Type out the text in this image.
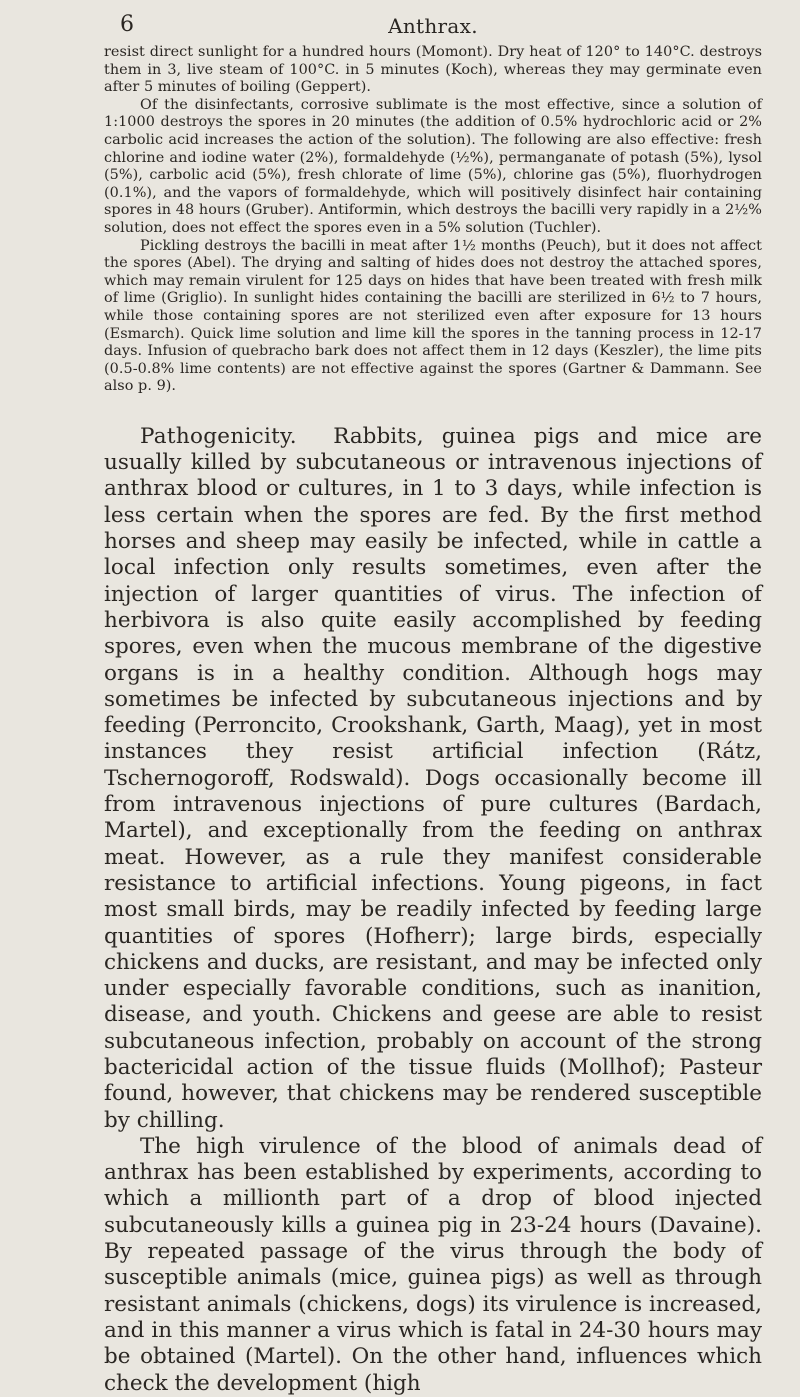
6	Anthrax.

resist direct sunlight for a hundred hours (Momont). Dry heat of 120° to 140°C. destroys them in 3, live steam of 100°C. in 5 minutes (Koch), whereas they may germinate even after 5 minutes of boiling (Geppert).

Of the disinfectants, corrosive sublimate is the most effective, since a solution of 1:1000 destroys the spores in 20 minutes (the addition of 0.5% hydrochloric acid or 2% carbolic acid increases the action of the solution). The following are also effective: fresh chlorine and iodine water (2%), formaldehyde (½%), permanganate of potash (5%), lysol (5%), carbolic acid (5%), fresh chlorate of lime (5%), chlorine gas (5%), fluorhydrogen (0.1%), and the vapors of formaldehyde, which will positively disinfect hair containing spores in 48 hours (Gruber). Antiformin, which destroys the bacilli very rapidly in a 2½% solution, does not effect the spores even in a 5% solution (Tuchler).

Pickling destroys the bacilli in meat after 1½ months (Peuch), but it does not affect the spores (Abel). The drying and salting of hides does not destroy the attached spores, which may remain virulent for 125 days on hides that have been treated with fresh milk of lime (Griglio). In sunlight hides containing the bacilli are sterilized in 6½ to 7 hours, while those containing spores are not sterilized even after exposure for 13 hours (Esmarch). Quick lime solution and lime kill the spores in the tanning process in 12-17 days. Infusion of quebracho bark does not affect them in 12 days (Keszler), the lime pits (0.5-0.8% lime contents) are not effective against the spores (Gartner & Dammann. See also p. 9).

Pathogenicity. Rabbits, guinea pigs and mice are usually killed by subcutaneous or intravenous injections of anthrax blood or cultures, in 1 to 3 days, while infection is less certain when the spores are fed. By the first method horses and sheep may easily be infected, while in cattle a local infection only results sometimes, even after the injection of larger quantities of virus. The infection of herbivora is also quite easily accomplished by feeding spores, even when the mucous membrane of the digestive organs is in a healthy condition. Although hogs may sometimes be infected by subcutaneous injections and by feeding (Perroncito, Crookshank, Garth, Maag), yet in most instances they resist artificial infection (Rátz, Tschernogoroff, Rodswald). Dogs occasionally become ill from intravenous injections of pure cultures (Bardach, Martel), and exceptionally from the feeding on anthrax meat. However, as a rule they manifest considerable resistance to artificial infections. Young pigeons, in fact most small birds, may be readily infected by feeding large quantities of spores (Hofherr); large birds, especially chickens and ducks, are resistant, and may be infected only under especially favorable conditions, such as inanition, disease, and youth. Chickens and geese are able to resist subcutaneous infection, probably on account of the strong bactericidal action of the tissue fluids (Mollhof); Pasteur found, however, that chickens may be rendered susceptible by chilling.

The high virulence of the blood of animals dead of anthrax has been established by experiments, according to which a millionth part of a drop of blood injected subcutaneously kills a guinea pig in 23-24 hours (Davaine). By repeated passage of the virus through the body of susceptible animals (mice, guinea pigs) as well as through resistant animals (chickens, dogs) its virulence is increased, and in this manner a virus which is fatal in 24-30 hours may be obtained (Martel). On the other hand, influences which check the development (high
